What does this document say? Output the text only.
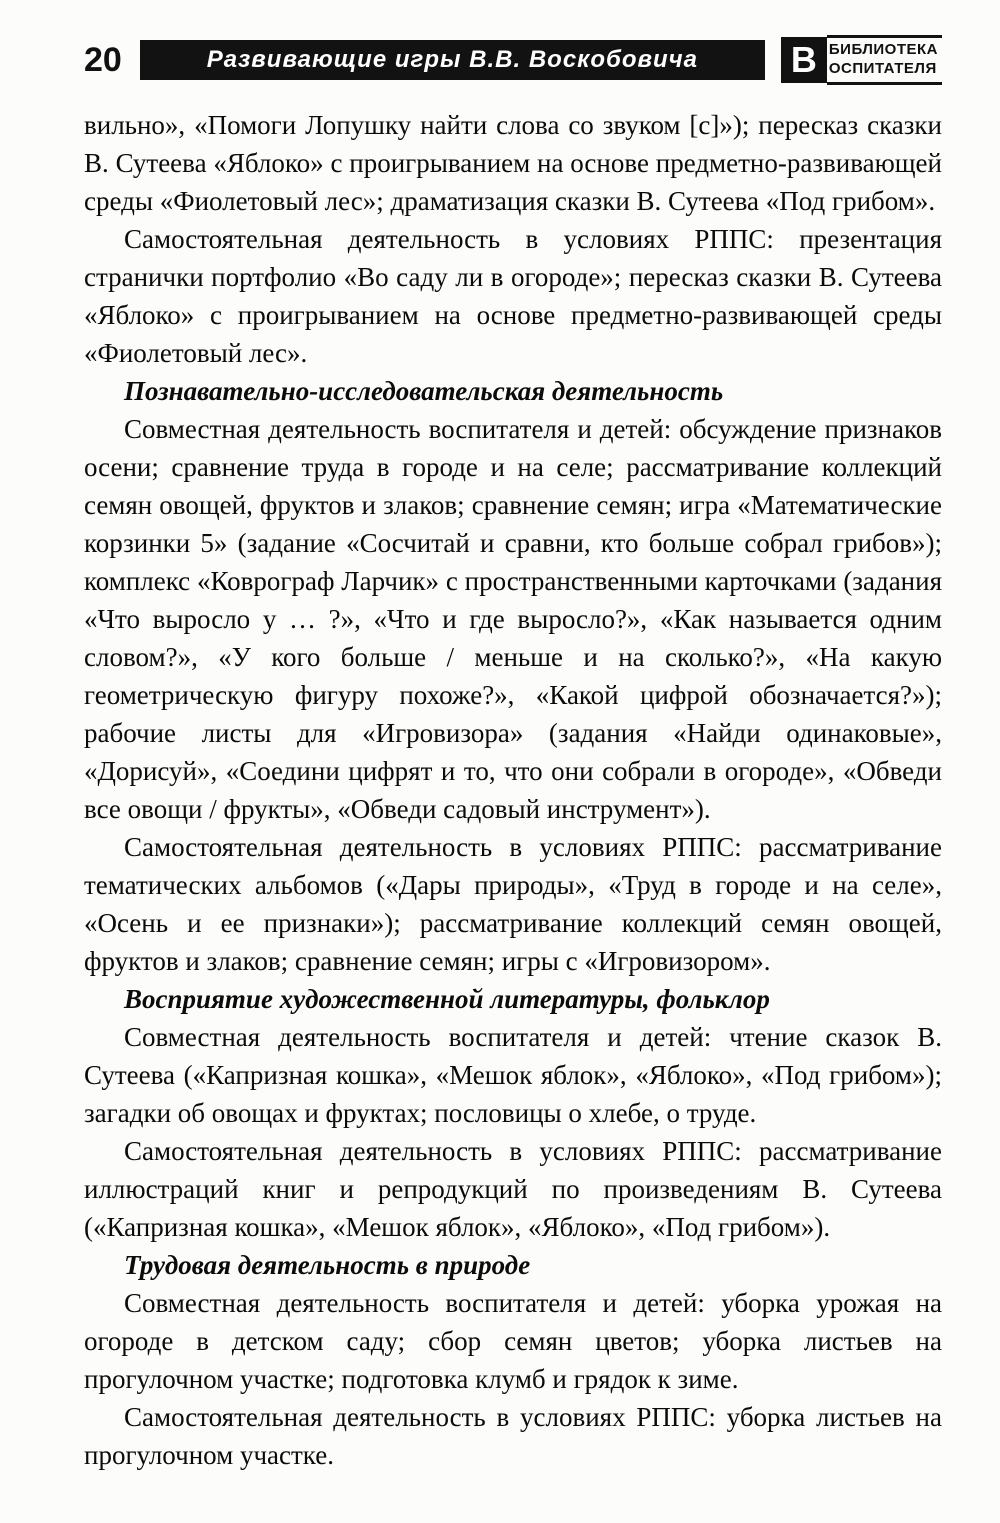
20	Развивающие игры В.В. Воскобовича	В БИБЛИОТЕКА
ОСПИТАТЕЛЯ

вильно», «Помоги Лопушку найти слова со звуком [с]»); пересказ сказки В. Сутеева «Яблоко» с проигрыванием на основе предметно-развивающей среды «Фиолетовый лес»; драматизация сказки В. Сутеева «Под грибом».

Самостоятельная деятельность в условиях РППС: презентация странички портфолио «Во саду ли в огороде»; пересказ сказки В. Сутеева «Яблоко» с проигрыванием на основе предметно-развивающей среды «Фиолетовый лес».

Познавательно-исследовательская деятельность

Совместная деятельность воспитателя и детей: обсуждение признаков осени; сравнение труда в городе и на селе; рассматривание коллекций семян овощей, фруктов и злаков; сравнение семян; игра «Математические корзинки 5» (задание «Сосчитай и сравни, кто больше собрал грибов»); комплекс «Коврограф Ларчик» с пространственными карточками (задания «Что выросло у … ?», «Что и где выросло?», «Как называется одним словом?», «У кого больше / меньше и на сколько?», «На какую геометрическую фигуру похоже?», «Какой цифрой обозначается?»); рабочие листы для «Игровизора» (задания «Найди одинаковые», «Дорисуй», «Соедини цифрят и то, что они собрали в огороде», «Обведи все овощи / фрукты», «Обведи садовый инструмент»).

Самостоятельная деятельность в условиях РППС: рассматривание тематических альбомов («Дары природы», «Труд в городе и на селе», «Осень и ее признаки»); рассматривание коллекций семян овощей, фруктов и злаков; сравнение семян; игры с «Игровизором».

Восприятие художественной литературы, фольклор

Совместная деятельность воспитателя и детей: чтение сказок В. Сутеева («Капризная кошка», «Мешок яблок», «Яблоко», «Под грибом»); загадки об овощах и фруктах; пословицы о хлебе, о труде.

Самостоятельная деятельность в условиях РППС: рассматривание иллюстраций книг и репродукций по произведениям В. Сутеева («Капризная кошка», «Мешок яблок», «Яблоко», «Под грибом»).

Трудовая деятельность в природе

Совместная деятельность воспитателя и детей: уборка урожая на огороде в детском саду; сбор семян цветов; уборка листьев на прогулочном участке; подготовка клумб и грядок к зиме.

Самостоятельная деятельность в условиях РППС: уборка листьев на прогулочном участке.
